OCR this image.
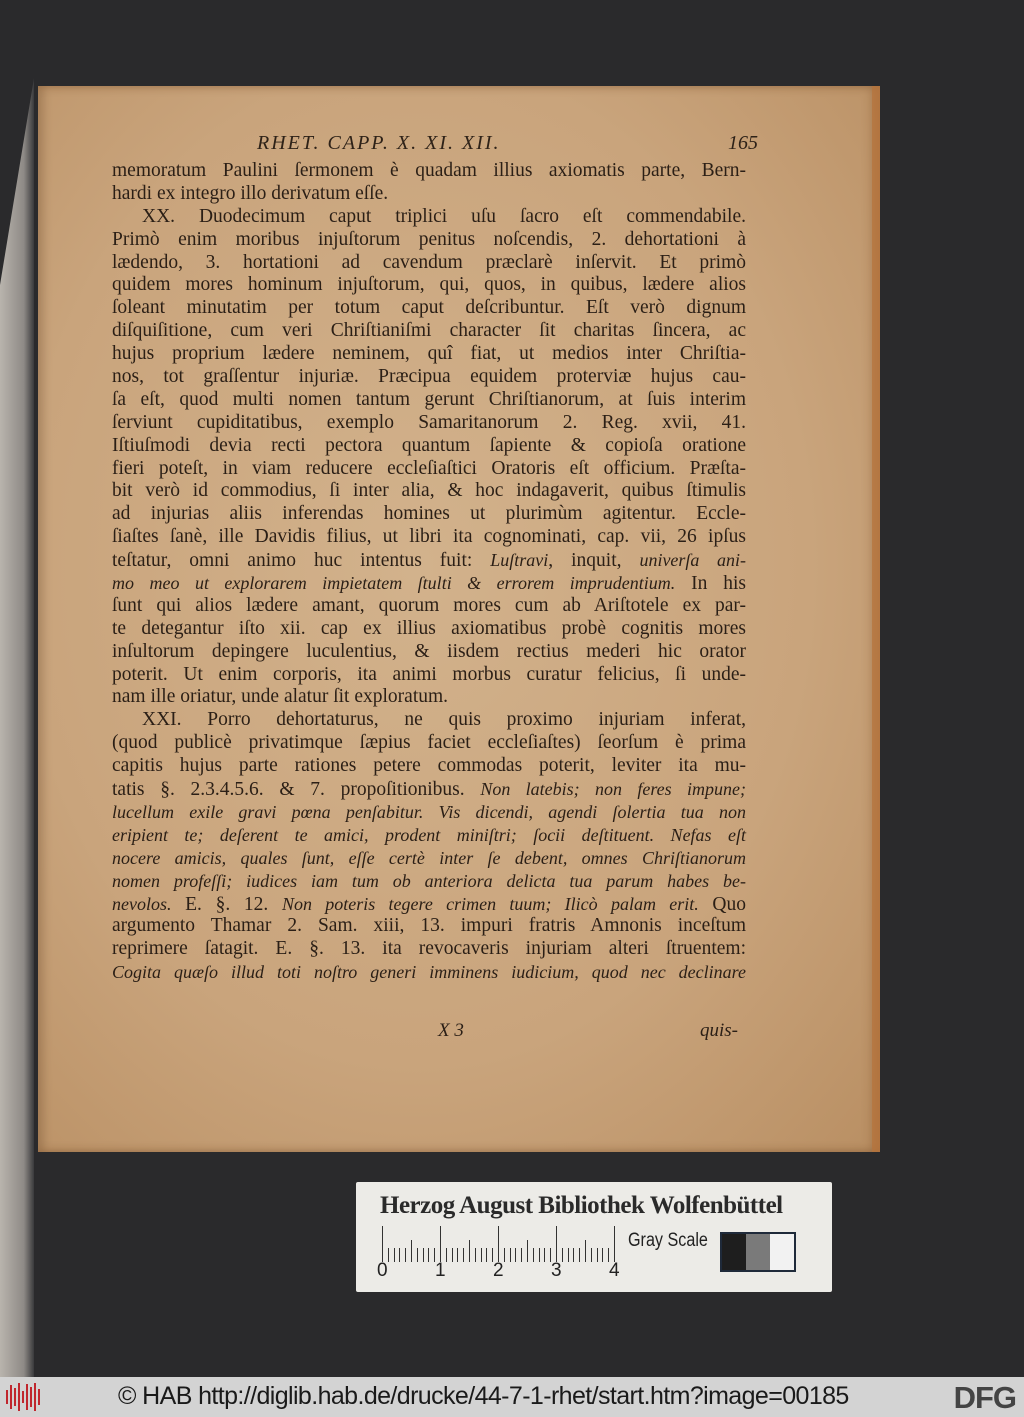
RHET. CAPP. X. XI. XII.	165
memoratum Paulini ſermonem è quadam illius axiomatis parte, Bern-
hardi ex integro illo derivatum eſſe.
XX. Duodecimum caput triplici uſu ſacro eſt commendabile.
Primò enim moribus injuſtorum penitus noſcendis, 2. dehortationi à
lædendo, 3. hortationi ad cavendum præclarè inſervit. Et primò
quidem mores hominum injuſtorum, qui, quos, in quibus, lædere alios
ſoleant minutatim per totum caput deſcribuntur. Eſt verò dignum
diſquiſitione, cum veri Chriſtianiſmi character ſit charitas ſincera, ac
hujus proprium lædere neminem, quî fiat, ut medios inter Chriſtia-
nos, tot graſſentur injuriæ. Præcipua equidem proterviæ hujus cau-
ſa eſt, quod multi nomen tantum gerunt Chriſtianorum, at ſuis interim
ſerviunt cupiditatibus, exemplo Samaritanorum 2. Reg. xvii, 41.
Iſtiuſmodi devia recti pectora quantum ſapiente & copioſa oratione
fieri poteſt, in viam reducere eccleſiaſtici Oratoris eſt officium. Præſta-
bit verò id commodius, ſi inter alia, & hoc indagaverit, quibus ſtimulis
ad injurias aliis inferendas homines ut plurimùm agitentur. Eccle-
ſiaſtes ſanè, ille Davidis filius, ut libri ita cognominati, cap. vii, 26 ipſus
teſtatur, omni animo huc intentus fuit: Luſtravi, inquit, univerſa ani-
mo meo ut explorarem impietatem ſtulti & errorem imprudentium. In his
ſunt qui alios lædere amant, quorum mores cum ab Ariſtotele ex par-
te detegantur iſto xii. cap ex illius axiomatibus probè cognitis mores
inſultorum depingere luculentius, & iisdem rectius mederi hic orator
poterit. Ut enim corporis, ita animi morbus curatur felicius, ſi unde-
nam ille oriatur, unde alatur ſit exploratum.
XXI. Porro dehortaturus, ne quis proximo injuriam inferat,
(quod publicè privatimque ſæpius faciet eccleſiaſtes) ſeorſum è prima
capitis hujus parte rationes petere commodas poterit, leviter ita mu-
tatis §. 2.3.4.5.6. & 7. propoſitionibus. Non latebis; non feres impune;
lucellum exile gravi pœna penſabitur. Vis dicendi, agendi ſolertia tua non
eripient te; deſerent te amici, prodent miniſtri; ſocii deſtituent. Nefas eſt
nocere amicis, quales ſunt, eſſe certè inter ſe debent, omnes Chriſtianorum
nomen profeſſi; iudices iam tum ob anteriora delicta tua parum habes be-
nevolos. E. §. 12. Non poteris tegere crimen tuum; Ilicò palam erit. Quo
argumento Thamar 2. Sam. xiii, 13. impuri fratris Amnonis inceſtum
reprimere ſatagit. E. §. 13. ita revocaveris injuriam alteri ſtruentem:
Cogita quæſo illud toti noſtro generi imminens iudicium, quod nec declinare
X 3	quis-
Herzog August Bibliothek Wolfenbüttel
0 1 2 3 4
Gray Scale
© HAB http://diglib.hab.de/drucke/44-7-1-rhet/start.htm?image=00185	DFG
